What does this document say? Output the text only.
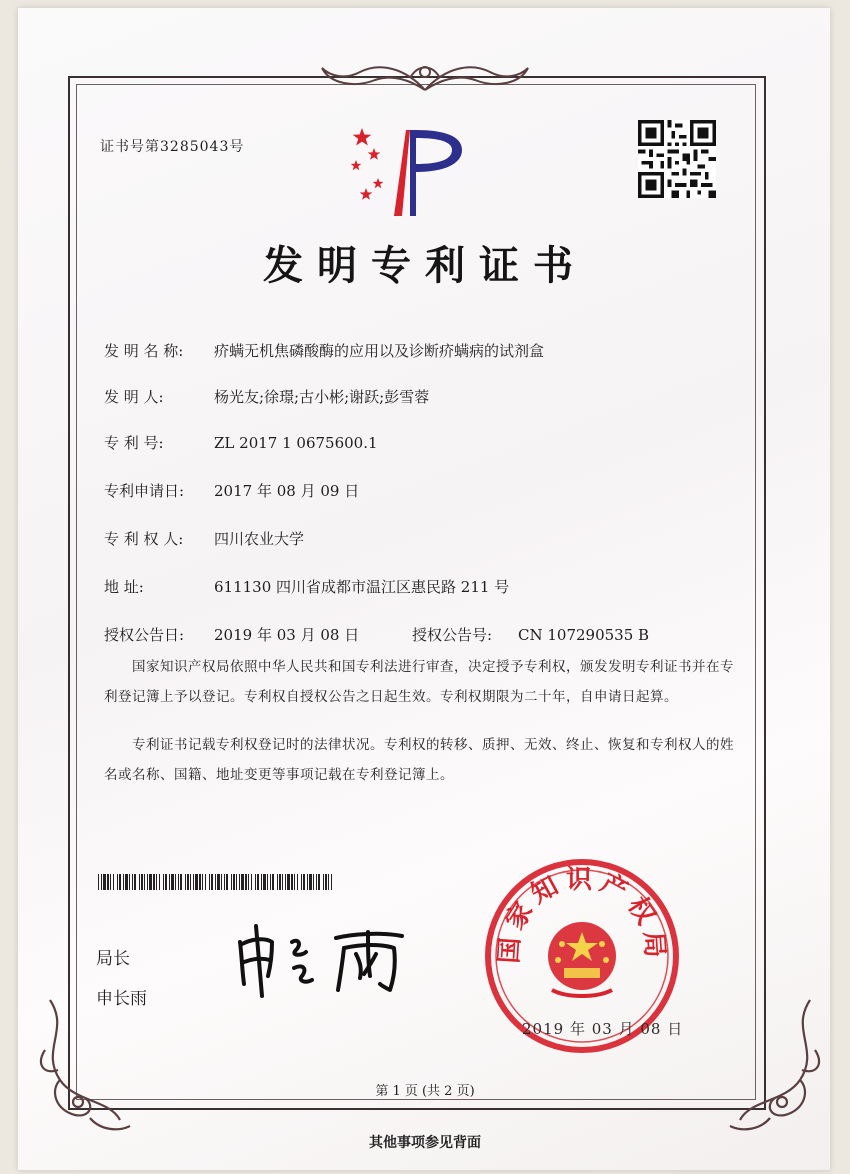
证书号第3285043号
发明专利证书
发 明 名 称: 疥螨无机焦磷酸酶的应用以及诊断疥螨病的试剂盒
发 明 人:	杨光友;徐璟;古小彬;谢跃;彭雪蓉
专 利 号:	ZL 2017 1 0675600.1
专利申请日: 2017 年 08 月 09 日
专 利 权 人: 四川农业大学
地 址:	611130 四川省成都市温江区惠民路 211 号
授权公告日: 2019 年 03 月 08 日	授权公告号: CN 107290535 B
国家知识产权局依照中华人民共和国专利法进行审查，决定授予专利权，颁发发明专利证书并在专利登记簿上予以登记。专利权自授权公告之日起生效。专利权期限为二十年，自申请日起算。
专利证书记载专利权登记时的法律状况。专利权的转移、质押、无效、终止、恢复和专利权人的姓名或名称、国籍、地址变更等事项记载在专利登记簿上。
局长
申长雨
国家知识产权局
2019 年 03 月 08 日
第 1 页 (共 2 页)
其他事项参见背面
